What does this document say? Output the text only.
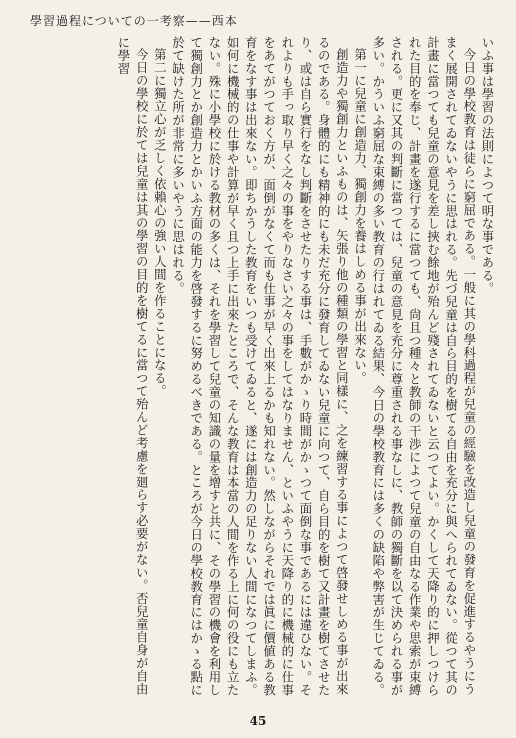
學習過程についての一考察——西本

いふ事は學習の法則によつて明な事である。

今日の學校教育は徒らに窮屈である。一般に其の學科過程が兒童の經驗を改造し兒童の發育を促進するやうにうまく展開されてゐないやうに思はれる。先づ兒童は自ら目的を樹てる自由を充分に與へられてゐない。從つて其の計畫に當つても兒童の意見を差し挾む餘地が殆んど殘されてゐないと云つてよい。かくして天降り的に押しつけられた目的を奉じ、計畫を遂行するに當つても、尙且つ種々と教師の干渉によつて兒童の自由なる作業や思索が束縛される。更に又其の判斷に當つては、兒童の意見を充分に尊重される事なしに、教師の獨斷を以て決められる事が多い。かういふ窮屈な束縛の多い教育の行はれてゐる結果、今日の學校教育には多くの缺陷や弊害が生じてゐる。

第一に兒童に創造力、獨創力を養はしめる事が出來ない。

創造力や獨創力といふものは、矢張り他の種類の學習と同樣に、之を練習する事によつて啓發せしめる事が出來るのである。身體的にも精神的にも未だ充分に發育してゐない兒童に向つて、自ら目的を樹て又計畫を樹てさせたり、或は自ら實行をなし判斷をさせたりする事は、手數がかゝり時間がかゝつて面倒な事であるには違ひない。それよりも手っ取り早く之々の事をやりなさい之々の事をしてはなりません、といふやうに天降り的に機械的に仕事をあてがつておく方が、面倒がなくて而も仕事が早く出來上るかも知れない。然しながらそれでは眞に價値ある教育をなす事は出來ない。即ちかうした教育をいつも受けてゐると、遂には創造力の足りない人間になつてしまふ。如何に機械的の仕事や計算が早く且つ上手に出來たところで、そんな教育は本當の人間を作る上に何の役にも立たない。殊に小學校に於ける教材の多くは、それを學習して兒童の知識の量を增すと共に、その學習の機會を利用して獨創力とか創造力とかいふ方面の能力を啓發するに努めるべきである。ところが今日の學校教育にはかゝる點に於て缺けた所が非常に多いやうに思はれる。

第二に獨立心が乏しく依賴心の強い人間を作ることになる。

今日の學校に於ては兒童は其の學習の目的を樹てるに當つて殆んど考慮を廻らす必要がない。否兒童自身が自由に學習

45
